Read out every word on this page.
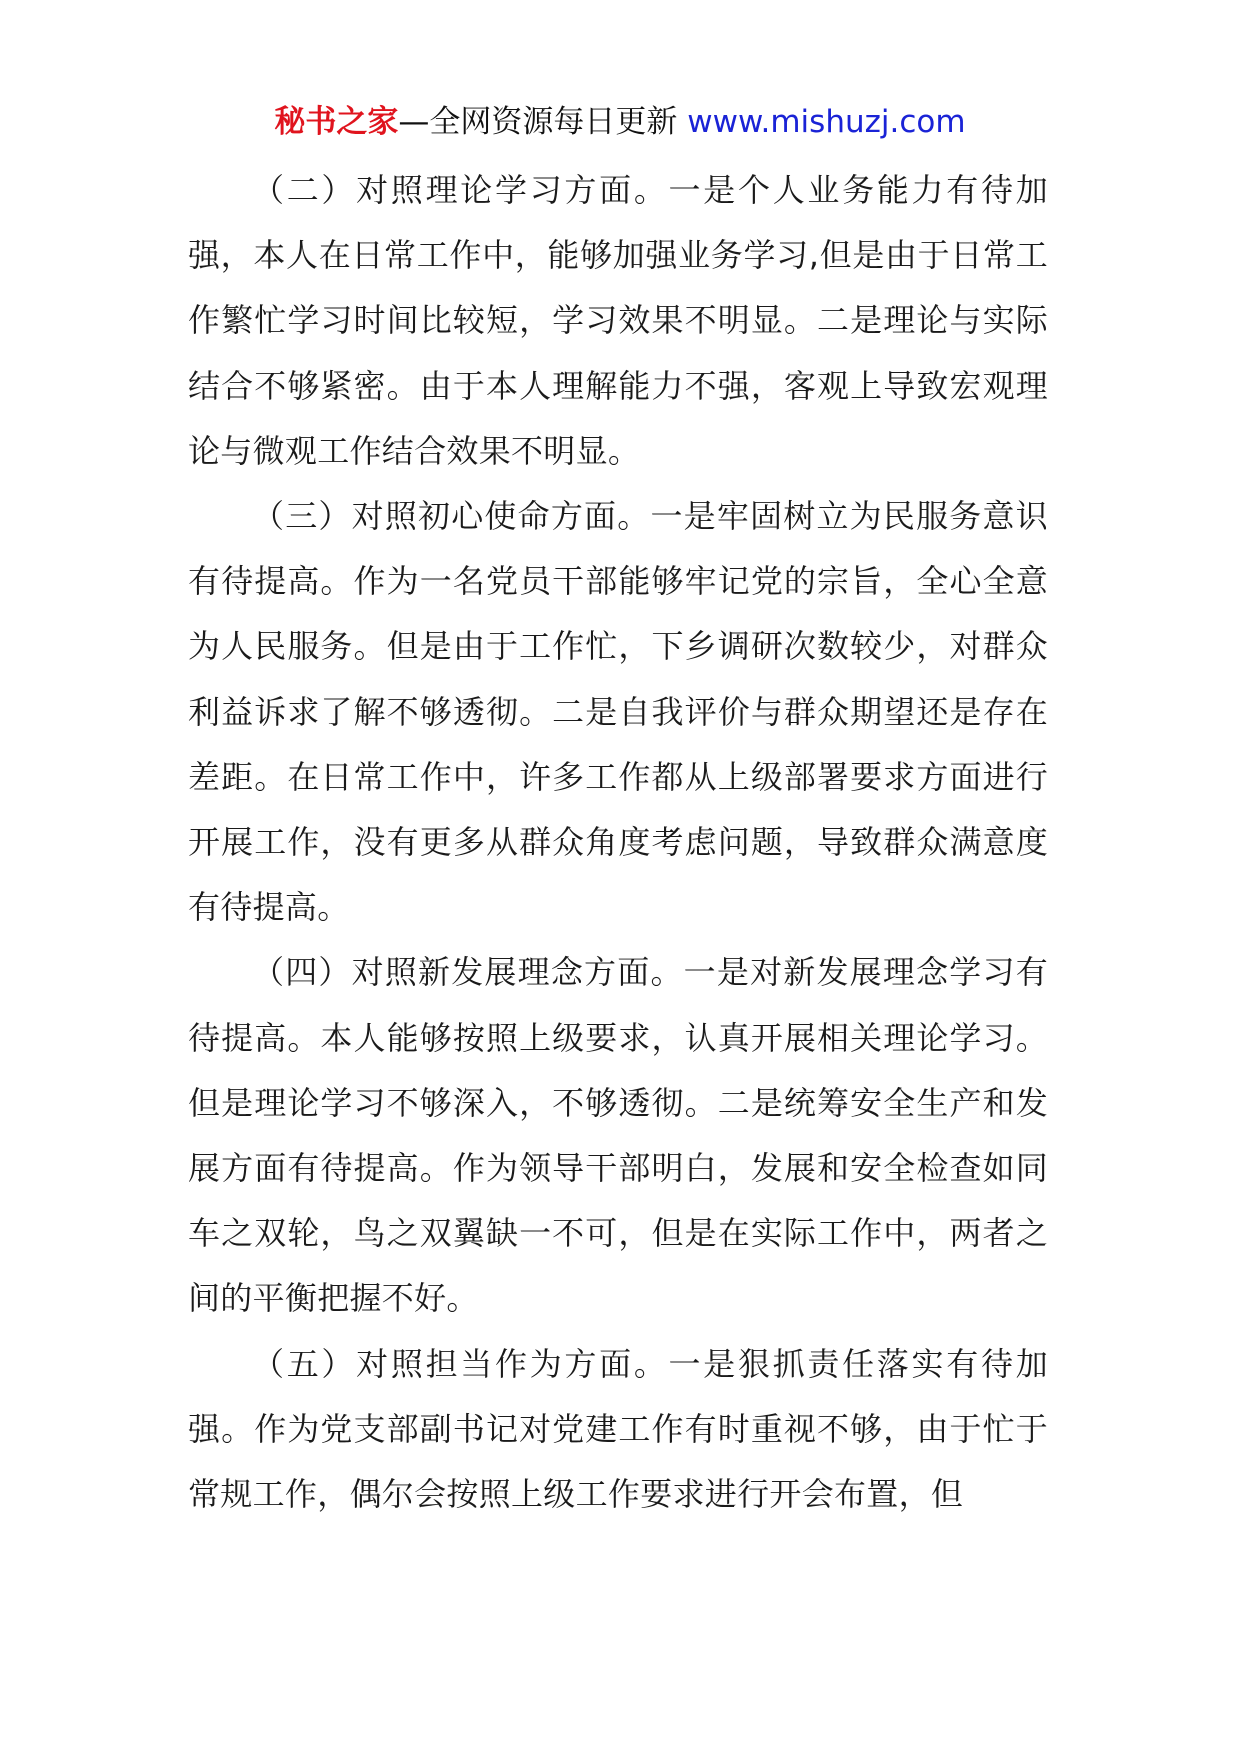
秘书之家—全网资源每日更新 www.mishuzj.com

（二）对照理论学习方面。一是个人业务能力有待加强，本人在日常工作中，能够加强业务学习,但是由于日常工作繁忙学习时间比较短，学习效果不明显。二是理论与实际结合不够紧密。由于本人理解能力不强，客观上导致宏观理论与微观工作结合效果不明显。

（三）对照初心使命方面。一是牢固树立为民服务意识有待提高。作为一名党员干部能够牢记党的宗旨，全心全意为人民服务。但是由于工作忙，下乡调研次数较少，对群众利益诉求了解不够透彻。二是自我评价与群众期望还是存在差距。在日常工作中，许多工作都从上级部署要求方面进行开展工作，没有更多从群众角度考虑问题，导致群众满意度有待提高。

（四）对照新发展理念方面。一是对新发展理念学习有待提高。本人能够按照上级要求，认真开展相关理论学习。但是理论学习不够深入，不够透彻。二是统筹安全生产和发展方面有待提高。作为领导干部明白，发展和安全检查如同车之双轮，鸟之双翼缺一不可，但是在实际工作中，两者之间的平衡把握不好。

（五）对照担当作为方面。一是狠抓责任落实有待加强。作为党支部副书记对党建工作有时重视不够，由于忙于常规工作，偶尔会按照上级工作要求进行开会布置，但
